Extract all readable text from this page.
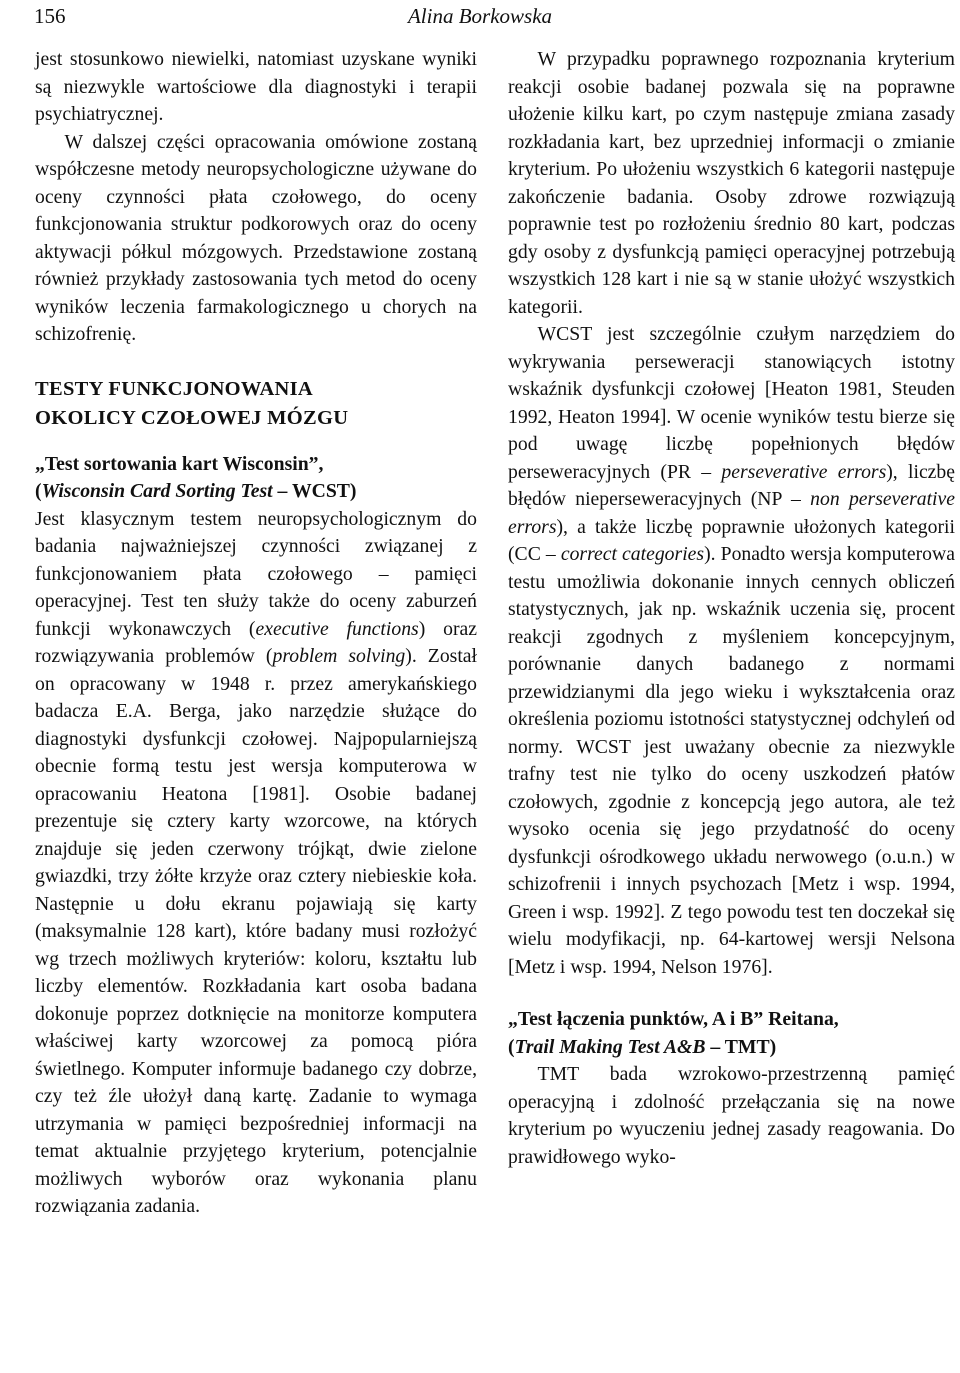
156	Alina Borkowska

jest stosunkowo niewielki, natomiast uzyskane wyniki są niezwykle wartościowe dla diagnostyki i terapii psychiatrycznej.

W dalszej części opracowania omówione zostaną współczesne metody neuropsychologiczne używane do oceny czynności płata czołowego, do oceny funkcjonowania struktur podkorowych oraz do oceny aktywacji półkul mózgowych. Przedstawione zostaną również przykłady zastosowania tych metod do oceny wyników leczenia farmakologicznego u chorych na schizofrenię.

TESTY FUNKCJONOWANIA
OKOLICY CZOŁOWEJ MÓZGU

„Test sortowania kart Wisconsin”,
(Wisconsin Card Sorting Test – WCST)

Jest klasycznym testem neuropsychologicznym do badania najważniejszej czynności związanej z funkcjonowaniem płata czołowego – pamięci operacyjnej. Test ten służy także do oceny zaburzeń funkcji wykonawczych (executive functions) oraz rozwiązywania problemów (problem solving). Został on opracowany w 1948 r. przez amerykańskiego badacza E.A. Berga, jako narzędzie służące do diagnostyki dysfunkcji czołowej. Najpopularniejszą obecnie formą testu jest wersja komputerowa w opracowaniu Heatona [1981]. Osobie badanej prezentuje się cztery karty wzorcowe, na których znajduje się jeden czerwony trójkąt, dwie zielone gwiazdki, trzy żółte krzyże oraz cztery niebieskie koła. Następnie u dołu ekranu pojawiają się karty (maksymalnie 128 kart), które badany musi rozłożyć wg trzech możliwych kryteriów: koloru, kształtu lub liczby elementów. Rozkładania kart osoba badana dokonuje poprzez dotknięcie na monitorze komputera właściwej karty wzorcowej za pomocą pióra świetlnego. Komputer informuje badanego czy dobrze, czy też źle ułożył daną kartę. Zadanie to wymaga utrzymania w pamięci bezpośredniej informacji na temat aktualnie przyjętego kryterium, potencjalnie możliwych wyborów oraz wykonania planu rozwiązania zadania.

W przypadku poprawnego rozpoznania kryterium reakcji osobie badanej pozwala się na poprawne ułożenie kilku kart, po czym następuje zmiana zasady rozkładania kart, bez uprzedniej informacji o zmianie kryterium. Po ułożeniu wszystkich 6 kategorii następuje zakończenie badania. Osoby zdrowe rozwiązują poprawnie test po rozłożeniu średnio 80 kart, podczas gdy osoby z dysfunkcją pamięci operacyjnej potrzebują wszystkich 128 kart i nie są w stanie ułożyć wszystkich kategorii.

WCST jest szczególnie czułym narzędziem do wykrywania perseweracji stanowiących istotny wskaźnik dysfunkcji czołowej [Heaton 1981, Steuden 1992, Heaton 1994]. W ocenie wyników testu bierze się pod uwagę liczbę popełnionych błędów perseweracyjnych (PR – perseverative errors), liczbę błędów nieperseweracyjnych (NP – non perseverative errors), a także liczbę poprawnie ułożonych kategorii (CC – correct categories). Ponadto wersja komputerowa testu umożliwia dokonanie innych cennych obliczeń statystycznych, jak np. wskaźnik uczenia się, procent reakcji zgodnych z myśleniem koncepcyjnym, porównanie danych badanego z normami przewidzianymi dla jego wieku i wykształcenia oraz określenia poziomu istotności statystycznej odchyleń od normy. WCST jest uważany obecnie za niezwykle trafny test nie tylko do oceny uszkodzeń płatów czołowych, zgodnie z koncepcją jego autora, ale też wysoko ocenia się jego przydatność do oceny dysfunkcji ośrodkowego układu nerwowego (o.u.n.) w schizofrenii i innych psychozach [Metz i wsp. 1994, Green i wsp. 1992]. Z tego powodu test ten doczekał się wielu modyfikacji, np. 64-kartowej wersji Nelsona [Metz i wsp. 1994, Nelson 1976].

„Test łączenia punktów, A i B” Reitana,
(Trail Making Test A&B – TMT)

TMT bada wzrokowo-przestrzenną pamięć operacyjną i zdolność przełączania się na nowe kryterium po wyuczeniu jednej zasady reagowania. Do prawidłowego wyko-
